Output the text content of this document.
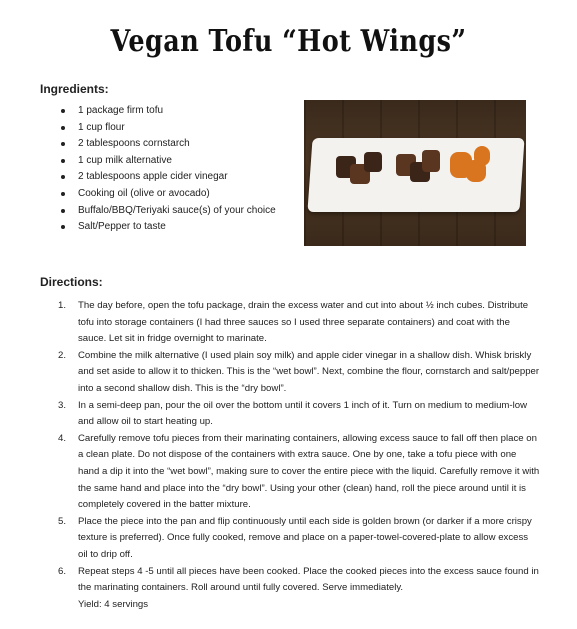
Vegan Tofu “Hot Wings”
Ingredients:
1 package firm tofu
1 cup flour
2 tablespoons cornstarch
1 cup milk alternative
2 tablespoons apple cider vinegar
Cooking oil (olive or avocado)
Buffalo/BBQ/Teriyaki sauce(s) of your choice
Salt/Pepper to taste
Directions:
1. The day before, open the tofu package, drain the excess water and cut into about ½ inch cubes. Distribute tofu into storage containers (I had three sauces so I used three separate containers) and coat with the sauce. Let sit in fridge overnight to marinate.
2. Combine the milk alternative (I used plain soy milk) and apple cider vinegar in a shallow dish. Whisk briskly and set aside to allow it to thicken. This is the “wet bowl”. Next, combine the flour, cornstarch and salt/pepper into a second shallow dish. This is the “dry bowl”.
3. In a semi-deep pan, pour the oil over the bottom until it covers 1 inch of it. Turn on medium to medium-low and allow oil to start heating up.
4. Carefully remove tofu pieces from their marinating containers, allowing excess sauce to fall off then place on a clean plate. Do not dispose of the containers with extra sauce. One by one, take a tofu piece with one hand a dip it into the “wet bowl”, making sure to cover the entire piece with the liquid. Carefully remove it with the same hand and place into the “dry bowl”. Using your other (clean) hand, roll the piece around until it is completely covered in the batter mixture.
5. Place the piece into the pan and flip continuously until each side is golden brown (or darker if a more crispy texture is preferred). Once fully cooked, remove and place on a paper-towel-covered-plate to allow excess oil to drip off.
6. Repeat steps 4 -5 until all pieces have been cooked. Place the cooked pieces into the excess sauce found in the marinating containers. Roll around until fully covered. Serve immediately.
Yield: 4 servings
